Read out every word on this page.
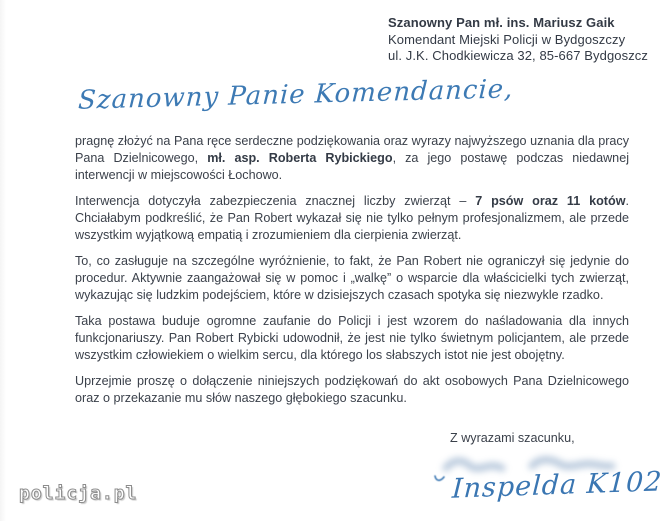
Szanowny Pan mł. ins. Mariusz Gaik
Komendant Miejski Policji w Bydgoszczy
ul. J.K. Chodkiewicza 32, 85-667 Bydgoszcz
Szanowny Panie Komendancie,

pragnę złożyć na Pana ręce serdeczne podziękowania oraz wyrazy najwyższego uznania dla pracy Pana Dzielnicowego, mł. asp. Roberta Rybickiego, za jego postawę podczas niedawnej interwencji w miejscowości Łochowo.

Interwencja dotyczyła zabezpieczenia znacznej liczby zwierząt – 7 psów oraz 11 kotów. Chciałabym podkreślić, że Pan Robert wykazał się nie tylko pełnym profesjonalizmem, ale przede wszystkim wyjątkową empatią i zrozumieniem dla cierpienia zwierząt.

To, co zasługuje na szczególne wyróżnienie, to fakt, że Pan Robert nie ograniczył się jedynie do procedur. Aktywnie zaangażował się w pomoc i „walkę” o wsparcie dla właścicielki tych zwierząt, wykazując się ludzkim podejściem, które w dzisiejszych czasach spotyka się niezwykle rzadko.

Taka postawa buduje ogromne zaufanie do Policji i jest wzorem do naśladowania dla innych funkcjonariuszy. Pan Robert Rybicki udowodnił, że jest nie tylko świetnym policjantem, ale przede wszystkim człowiekiem o wielkim sercu, dla którego los słabszych istot nie jest obojętny.

Uprzejmie proszę o dołączenie niniejszych podziękowań do akt osobowych Pana Dzielnicowego oraz o przekazanie mu słów naszego głębokiego szacunku.

Z wyrazami szacunku,
Inspelda K102
policja.pl
